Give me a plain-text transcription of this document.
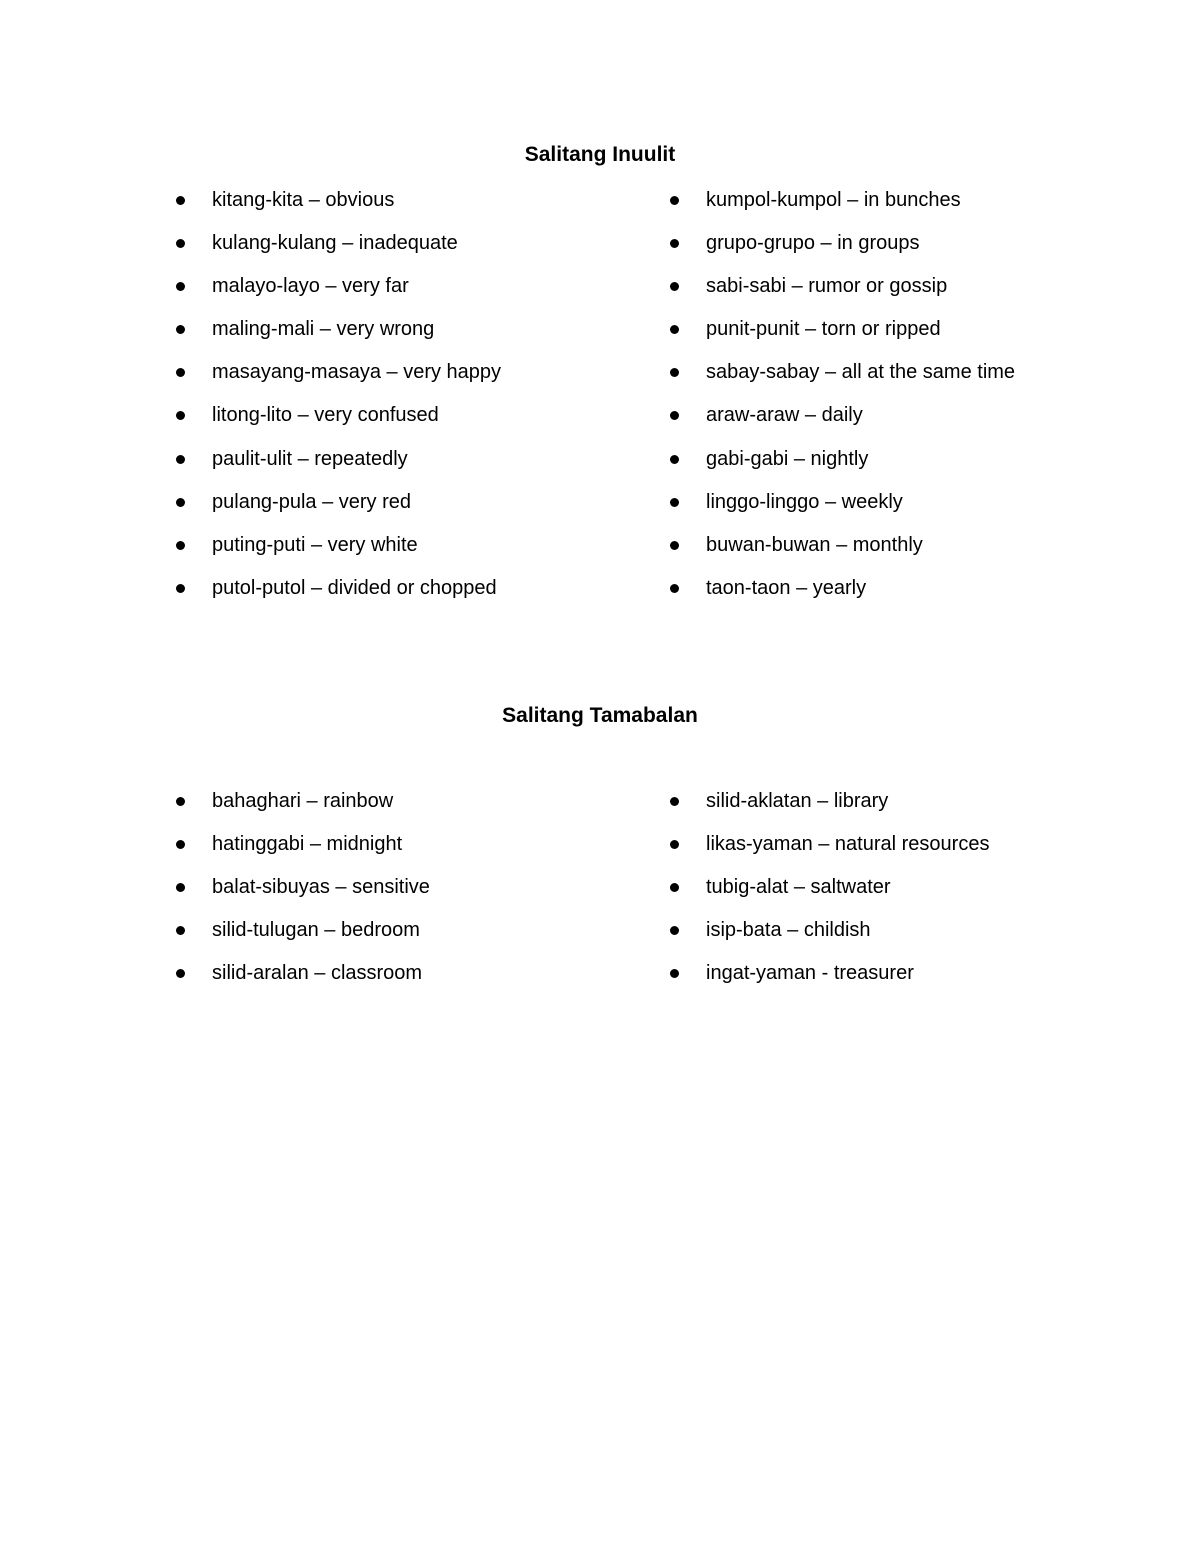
Salitang Inuulit
kitang-kita – obvious
kulang-kulang – inadequate
malayo-layo – very far
maling-mali – very wrong
masayang-masaya – very happy
litong-lito – very confused
paulit-ulit – repeatedly
pulang-pula – very red
puting-puti – very white
putol-putol – divided or chopped
kumpol-kumpol – in bunches
grupo-grupo – in groups
sabi-sabi – rumor or gossip
punit-punit – torn or ripped
sabay-sabay – all at the same time
araw-araw – daily
gabi-gabi – nightly
linggo-linggo – weekly
buwan-buwan – monthly
taon-taon – yearly
Salitang Tamabalan
bahaghari – rainbow
hatinggabi – midnight
balat-sibuyas – sensitive
silid-tulugan – bedroom
silid-aralan – classroom
silid-aklatan – library
likas-yaman – natural resources
tubig-alat – saltwater
isip-bata – childish
ingat-yaman - treasurer
